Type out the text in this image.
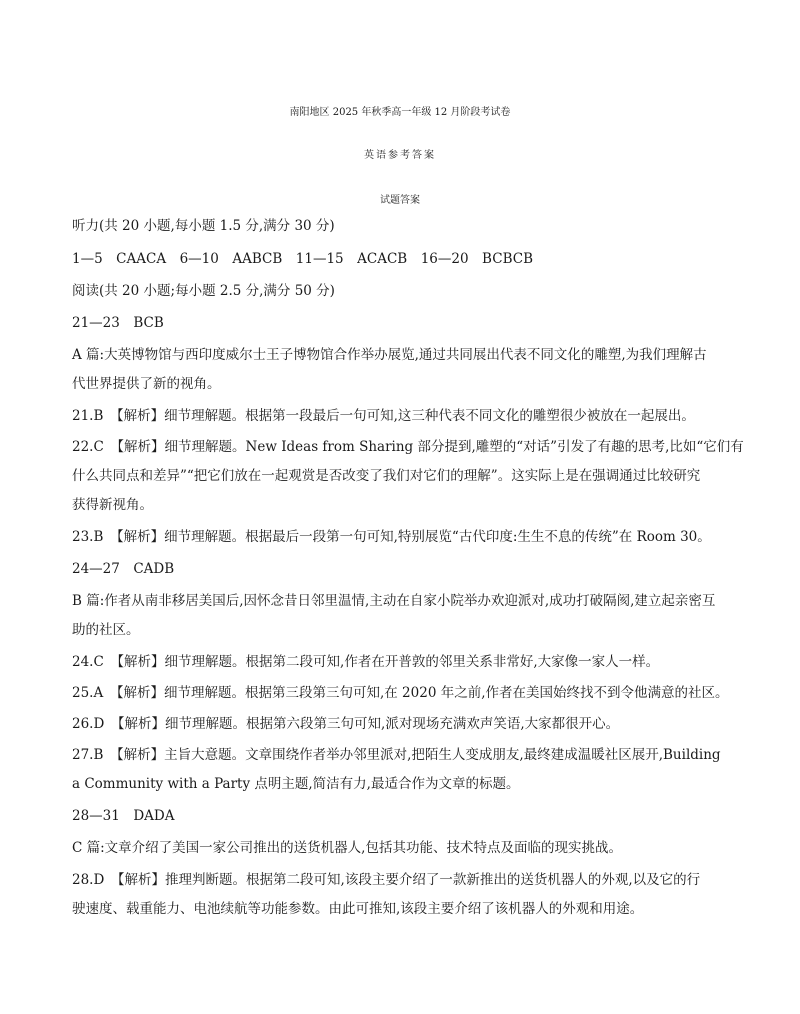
南阳地区 2025 年秋季高一年级 12 月阶段考试卷
英语参考答案
试题答案
听力(共 20 小题,每小题 1.5 分,满分 30 分)
1—5　CAACA　6—10　AABCB　11—15　ACACB　16—20　BCBCB
阅读(共 20 小题;每小题 2.5 分,满分 50 分)
21—23　BCB
A 篇:大英博物馆与西印度威尔士王子博物馆合作举办展览,通过共同展出代表不同文化的雕塑,为我们理解古
代世界提供了新的视角。
21.B　【解析】细节理解题。根据第一段最后一句可知,这三种代表不同文化的雕塑很少被放在一起展出。
22.C　【解析】细节理解题。New Ideas from Sharing 部分提到,雕塑的“对话”引发了有趣的思考,比如“它们有
什么共同点和差异”“把它们放在一起观赏是否改变了我们对它们的理解”。这实际上是在强调通过比较研究
获得新视角。
23.B　【解析】细节理解题。根据最后一段第一句可知,特别展览“古代印度:生生不息的传统”在 Room 30。
24—27　CADB
B 篇:作者从南非移居美国后,因怀念昔日邻里温情,主动在自家小院举办欢迎派对,成功打破隔阂,建立起亲密互
助的社区。
24.C　【解析】细节理解题。根据第二段可知,作者在开普敦的邻里关系非常好,大家像一家人一样。
25.A　【解析】细节理解题。根据第三段第三句可知,在 2020 年之前,作者在美国始终找不到令他满意的社区。
26.D　【解析】细节理解题。根据第六段第三句可知,派对现场充满欢声笑语,大家都很开心。
27.B　【解析】主旨大意题。文章围绕作者举办邻里派对,把陌生人变成朋友,最终建成温暖社区展开,Building
a Community with a Party 点明主题,简洁有力,最适合作为文章的标题。
28—31　DADA
C 篇:文章介绍了美国一家公司推出的送货机器人,包括其功能、技术特点及面临的现实挑战。
28.D　【解析】推理判断题。根据第二段可知,该段主要介绍了一款新推出的送货机器人的外观,以及它的行
驶速度、载重能力、电池续航等功能参数。由此可推知,该段主要介绍了该机器人的外观和用途。
